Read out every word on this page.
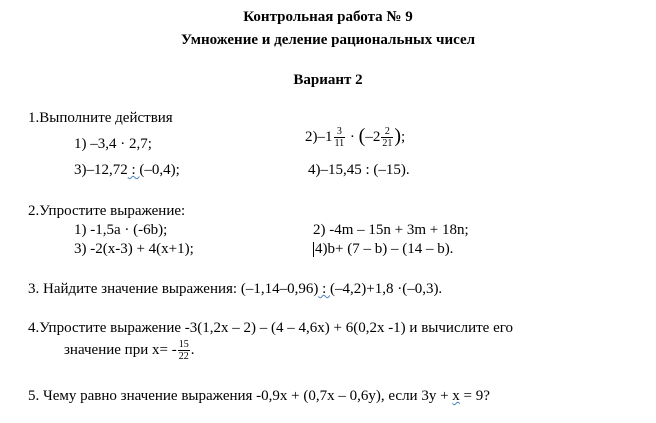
Контрольная работа № 9
Умножение и деление рациональных чисел
Вариант 2
1.Выполните действия
1) –3,4 · 2,7;	$2)-1 \frac{3}{11} \cdot (-2 \frac{2}{21}$ );
3)–12,72 : (–0,4);	4)–15,45 : (–15).
2.Упростите выражение:
1) -1,5a · (-6b);	2) -4m – 15n + 3m + 18n;
3) -2(x-3) + 4(x+1);	4)b+ (7 – b) – (14 – b).
3. Найдите значение выражения: (–1,14–0,96) : (–4,2)+1,8 ·(–0,3).
4.Упростите выражение -3(1,2x – 2) – (4 – 4,6x) + 6(0,2x -1) и вычислите его
значение при $x= - \frac{15}{22}$ .
5. Чему равно значение выражения -0,9x + (0,7x – 0,6y), если 3y + x = 9?
